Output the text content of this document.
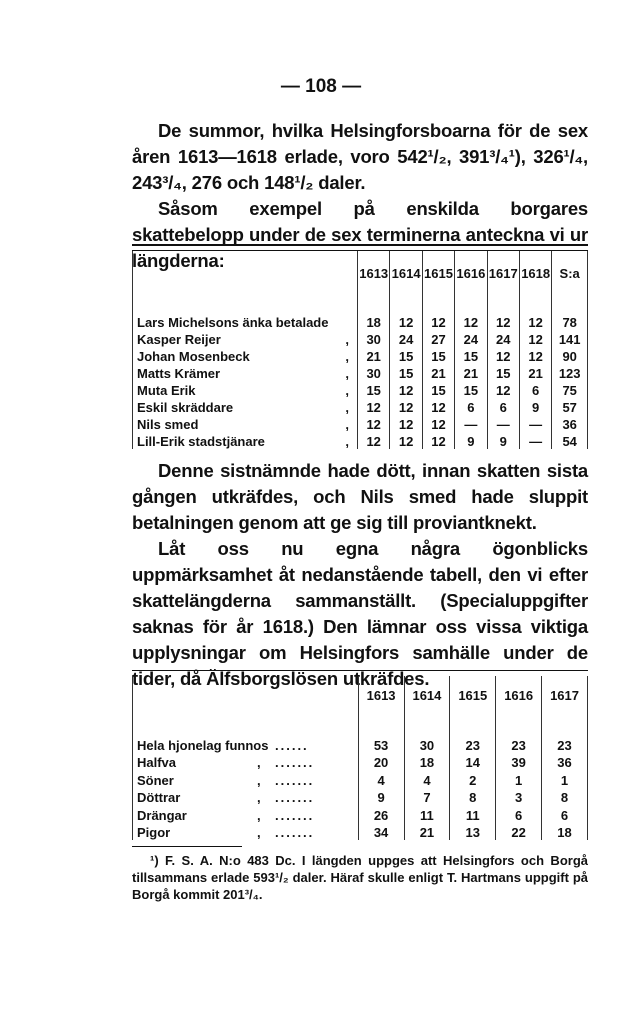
— 108 —

De summor, hvilka Helsingforsboarna för de sex åren 1613—1618 erlade, voro 542¹/₂, 391³/₄¹), 326¹/₄, 243³/₄, 276 och 148¹/₂ daler.

Såsom exempel på enskilda borgares skattebelopp under de sex terminerna anteckna vi ur längderna:

	1613	1614	1615	1616	1617	1618	S:a

Lars Michelsons änka betalade	18	12	12	12	12	12	78
Kasper Reijer ,	30	24	27	24	24	12	141
Johan Mosenbeck ,	21	15	15	15	12	12	90
Matts Krämer ,	30	15	21	21	15	21	123
Muta Erik ,	15	12	15	15	12	6	75
Eskil skräddare ,	12	12	12	6	6	9	57
Nils smed ,	12	12	12	—	—	—	36
Lill-Erik stadstjänare ,	12	12	12	9	9	—	54

Denne sistnämnde hade dött, innan skatten sista gången utkräfdes, och Nils smed hade sluppit betalningen genom att ge sig till proviantknekt.

Låt oss nu egna några ögonblicks uppmärksamhet åt nedanstående tabell, den vi efter skattelängderna sammanställt. (Specialuppgifter saknas för år 1618.) Den lämnar oss vissa viktiga upplysningar om Helsingfors samhälle under de tider, då Älfsborgslösen utkräfdes.

	1613	1614	1615	1616	1617

Hela hjonelag funnos ......	53	30	23	23	23
Halfva , .......	20	18	14	39	36
Söner , .......	4	4	2	1	1
Döttrar , .......	9	7	8	3	8
Drängar , .......	26	11	11	6	6
Pigor , .......	34	21	13	22	18
¹) F. S. A. N:o 483 Dc. I längden uppges att Helsingfors och Borgå tillsammans erlade 593¹/₂ daler. Häraf skulle enligt T. Hartmans uppgift på Borgå kommit 201³/₄.
